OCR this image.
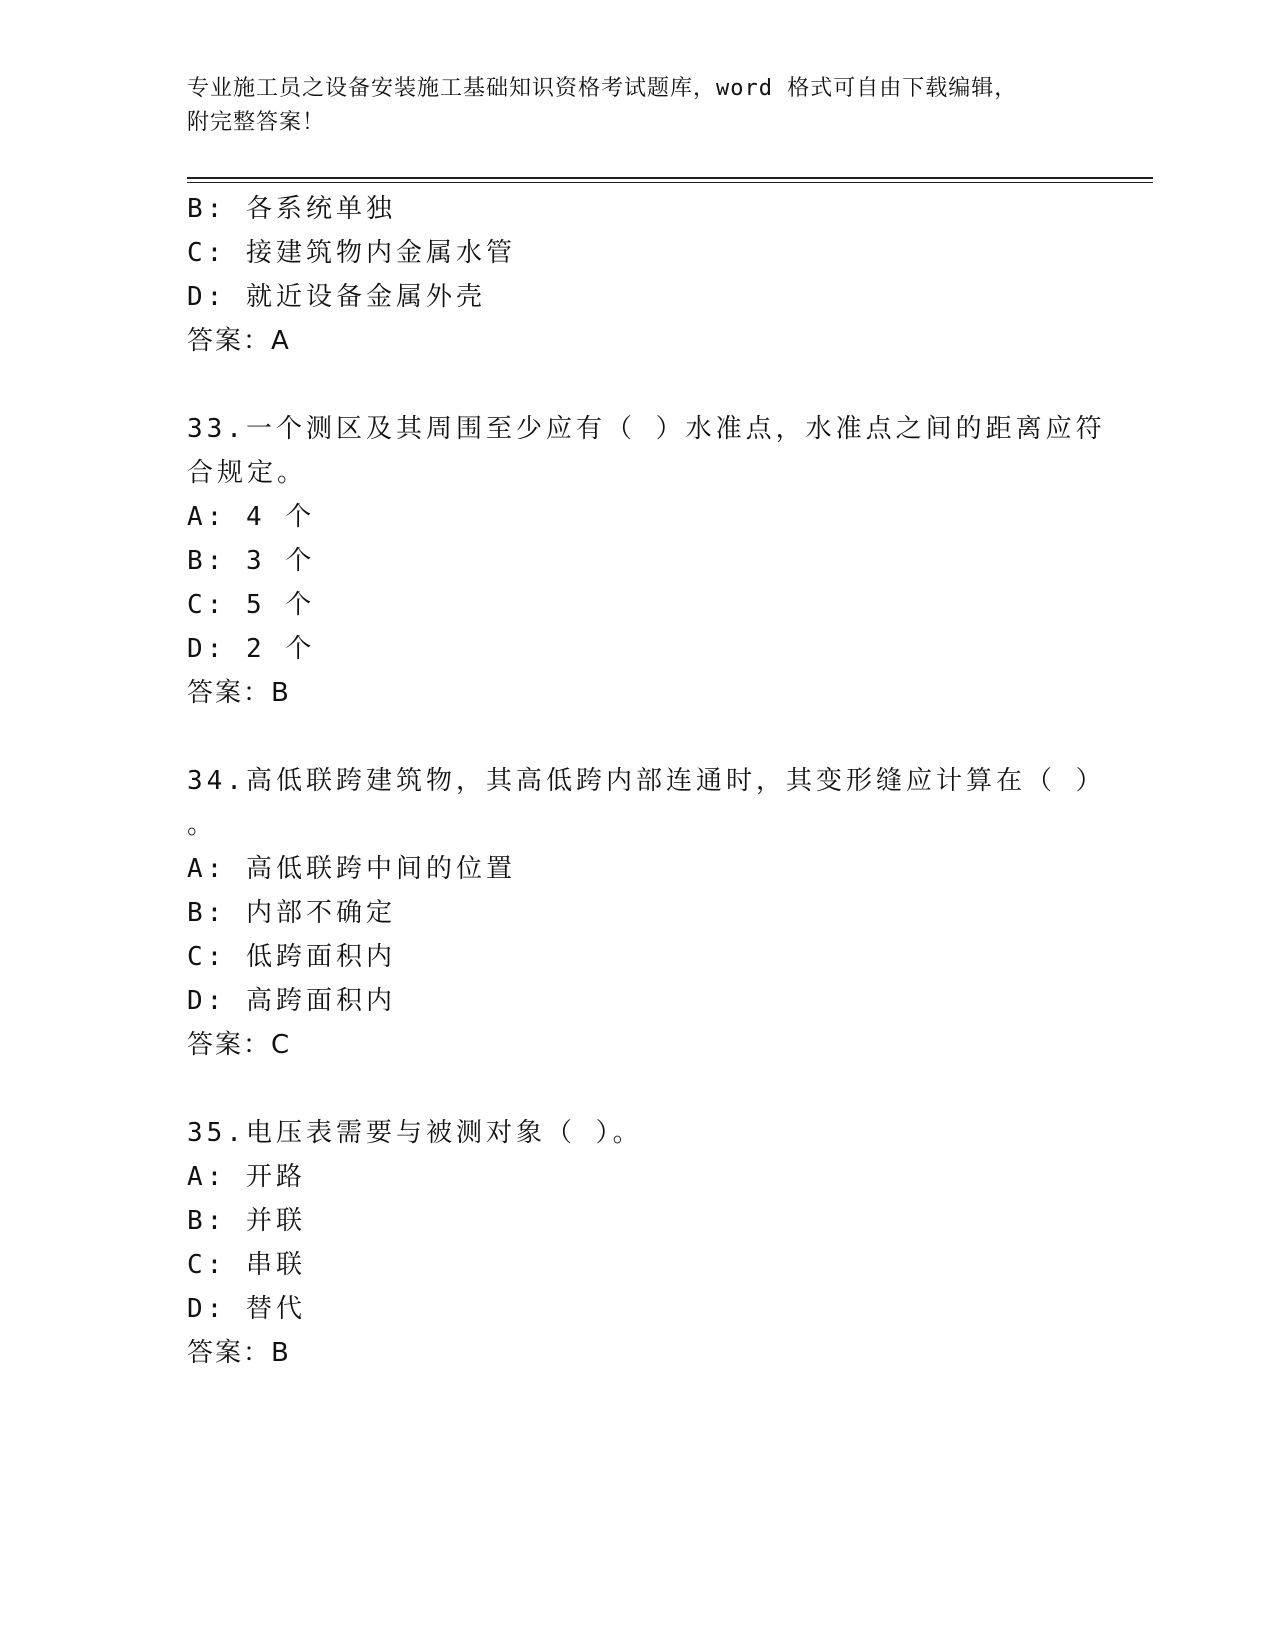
专业施工员之设备安装施工基础知识资格考试题库，word 格式可自由下载编辑，
附完整答案！
B: 各系统单独
C: 接建筑物内金属水管
D: 就近设备金属外壳
答案：A
33.一个测区及其周围至少应有（ ）水准点，水准点之间的距离应符
合规定。
A: 4 个
B: 3 个
C: 5 个
D: 2 个
答案：B
34.高低联跨建筑物，其高低跨内部连通时，其变形缝应计算在（ ）
。
A: 高低联跨中间的位置
B: 内部不确定
C: 低跨面积内
D: 高跨面积内
答案：C
35.电压表需要与被测对象（ ）。
A: 开路
B: 并联
C: 串联
D: 替代
答案：B
